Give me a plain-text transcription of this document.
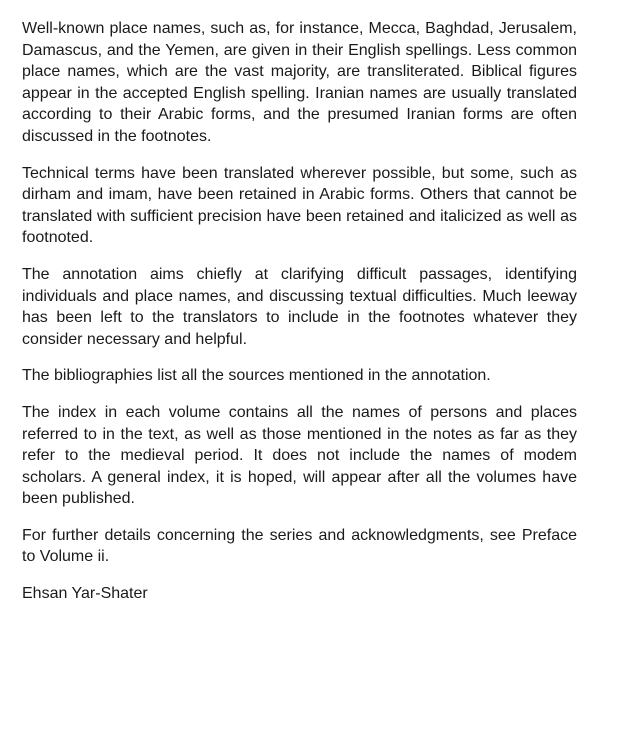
Well-known place names, such as, for instance, Mecca, Baghdad, Jerusalem, Damascus, and the Yemen, are given in their English spellings. Less common place names, which are the vast majority, are transliterated. Biblical figures appear in the accepted English spelling. Iranian names are usually translated according to their Arabic forms, and the presumed Iranian forms are often discussed in the footnotes.

Technical terms have been translated wherever possible, but some, such as dirham and imam, have been retained in Arabic forms. Others that cannot be translated with sufficient precision have been retained and italicized as well as footnoted.

The annotation aims chiefly at clarifying difficult passages, identifying individuals and place names, and discussing textual difficulties. Much leeway has been left to the translators to include in the footnotes whatever they consider necessary and helpful.

The bibliographies list all the sources mentioned in the annotation.

The index in each volume contains all the names of persons and places referred to in the text, as well as those mentioned in the notes as far as they refer to the medieval period. It does not include the names of modem scholars. A general index, it is hoped, will appear after all the volumes have been published.

For further details concerning the series and acknowledgments, see Preface to Volume ii.

Ehsan Yar-Shater
